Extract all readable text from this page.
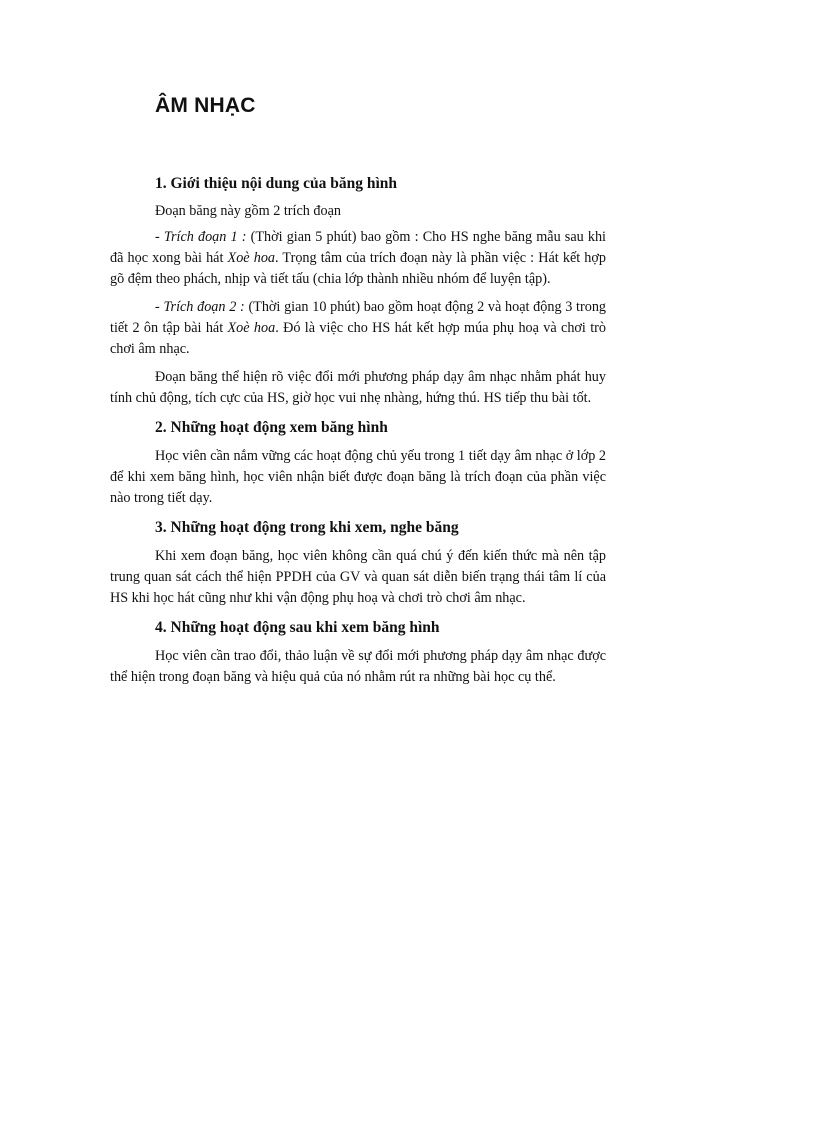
ÂM NHẠC
1. Giới thiệu nội dung của băng hình

Đoạn băng này gồm 2 trích đoạn

- Trích đoạn 1 : (Thời gian 5 phút) bao gồm : Cho HS nghe băng mẫu sau khi đã học xong bài hát Xoè hoa. Trọng tâm của trích đoạn này là phần việc : Hát kết hợp gõ đệm theo phách, nhịp và tiết tấu (chia lớp thành nhiều nhóm để luyện tập).

- Trích đoạn 2 : (Thời gian 10 phút) bao gồm hoạt động 2 và hoạt động 3 trong tiết 2 ôn tập bài hát Xoè hoa. Đó là việc cho HS hát kết hợp múa phụ hoạ và chơi trò chơi âm nhạc.

Đoạn băng thể hiện rõ việc đổi mới phương pháp dạy âm nhạc nhằm phát huy tính chủ động, tích cực của HS, giờ học vui nhẹ nhàng, hứng thú. HS tiếp thu bài tốt.

2. Những hoạt động xem băng hình

Học viên cần nắm vững các hoạt động chủ yếu trong 1 tiết dạy âm nhạc ở lớp 2 để khi xem băng hình, học viên nhận biết được đoạn băng là trích đoạn của phần việc nào trong tiết dạy.

3. Những hoạt động trong khi xem, nghe băng

Khi xem đoạn băng, học viên không cần quá chú ý đến kiến thức mà nên tập trung quan sát cách thể hiện PPDH của GV và quan sát diễn biến trạng thái tâm lí của HS khi học hát cũng như khi vận động phụ hoạ và chơi trò chơi âm nhạc.

4. Những hoạt động sau khi xem băng hình

Học viên cần trao đổi, thảo luận về sự đổi mới phương pháp dạy âm nhạc được thể hiện trong đoạn băng và hiệu quả của nó nhằm rút ra những bài học cụ thể.
